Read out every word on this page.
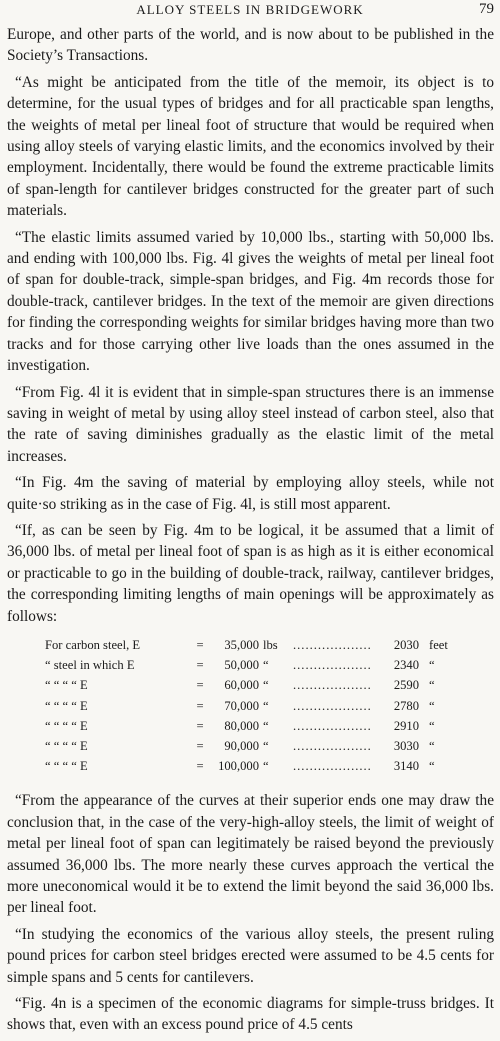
ALLOY STEELS IN BRIDGEWORK	79

Europe, and other parts of the world, and is now about to be published in the Society’s Transactions.

“As might be anticipated from the title of the memoir, its object is to determine, for the usual types of bridges and for all practicable span lengths, the weights of metal per lineal foot of structure that would be required when using alloy steels of varying elastic limits, and the economics involved by their employment. Incidentally, there would be found the extreme practicable limits of span-length for cantilever bridges constructed for the greater part of such materials.

“The elastic limits assumed varied by 10,000 lbs., starting with 50,000 lbs. and ending with 100,000 lbs. Fig. 4l gives the weights of metal per lineal foot of span for double-track, simple-span bridges, and Fig. 4m records those for double-track, cantilever bridges. In the text of the memoir are given directions for finding the corresponding weights for similar bridges having more than two tracks and for those carrying other live loads than the ones assumed in the investigation.

“From Fig. 4l it is evident that in simple-span structures there is an immense saving in weight of metal by using alloy steel instead of carbon steel, also that the rate of saving diminishes gradually as the elastic limit of the metal increases.

“In Fig. 4m the saving of material by employing alloy steels, while not quite·so striking as in the case of Fig. 4l, is still most apparent.

“If, as can be seen by Fig. 4m to be logical, it be assumed that a limit of 36,000 lbs. of metal per lineal foot of span is as high as it is either economical or practicable to go in the building of double-track, railway, cantilever bridges, the corresponding limiting lengths of main openings will be approximately as follows:

For carbon steel, E	=	35,000 lbs	...................	2030 feet
“ steel in which E	=	50,000 “	...................	2340 “
“ “ “ “ E	=	60,000 “	...................	2590 “
“ “ “ “ E	=	70,000 “	...................	2780 “
“ “ “ “ E	=	80,000 “	...................	2910 “
“ “ “ “ E	=	90,000 “	...................	3030 “
“ “ “ “ E	=	100,000 “	...................	3140 “

“From the appearance of the curves at their superior ends one may draw the conclusion that, in the case of the very-high-alloy steels, the limit of weight of metal per lineal foot of span can legitimately be raised beyond the previously assumed 36,000 lbs. The more nearly these curves approach the vertical the more uneconomical would it be to extend the limit beyond the said 36,000 lbs. per lineal foot.

“In studying the economics of the various alloy steels, the present ruling pound prices for carbon steel bridges erected were assumed to be 4.5 cents for simple spans and 5 cents for cantilevers.

“Fig. 4n is a specimen of the economic diagrams for simple-truss bridges. It shows that, even with an excess pound price of 4.5 cents
